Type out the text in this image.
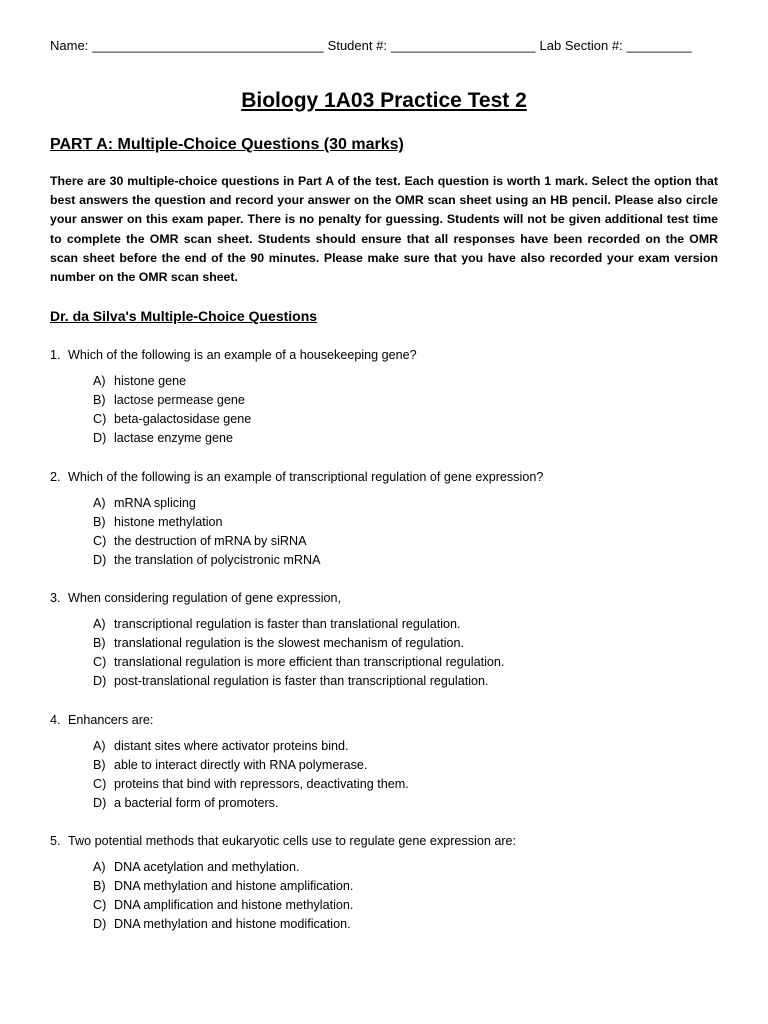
Name: ________________________________ Student #: ____________________ Lab Section #: _________
Biology 1A03 Practice Test 2
PART A: Multiple-Choice Questions (30 marks)

There are 30 multiple-choice questions in Part A of the test. Each question is worth 1 mark. Select the option that best answers the question and record your answer on the OMR scan sheet using an HB pencil. Please also circle your answer on this exam paper. There is no penalty for guessing. Students will not be given additional test time to complete the OMR scan sheet. Students should ensure that all responses have been recorded on the OMR scan sheet before the end of the 90 minutes. Please make sure that you have also recorded your exam version number on the OMR scan sheet.

Dr. da Silva's Multiple-Choice Questions
1. Which of the following is an example of a housekeeping gene?
A) histone gene
B) lactose permease gene
C) beta-galactosidase gene
D) lactase enzyme gene
2. Which of the following is an example of transcriptional regulation of gene expression?
A) mRNA splicing
B) histone methylation
C) the destruction of mRNA by siRNA
D) the translation of polycistronic mRNA
3. When considering regulation of gene expression,
A) transcriptional regulation is faster than translational regulation.
B) translational regulation is the slowest mechanism of regulation.
C) translational regulation is more efficient than transcriptional regulation.
D) post-translational regulation is faster than transcriptional regulation.
4. Enhancers are:
A) distant sites where activator proteins bind.
B) able to interact directly with RNA polymerase.
C) proteins that bind with repressors, deactivating them.
D) a bacterial form of promoters.
5. Two potential methods that eukaryotic cells use to regulate gene expression are:
A) DNA acetylation and methylation.
B) DNA methylation and histone amplification.
C) DNA amplification and histone methylation.
D) DNA methylation and histone modification.
